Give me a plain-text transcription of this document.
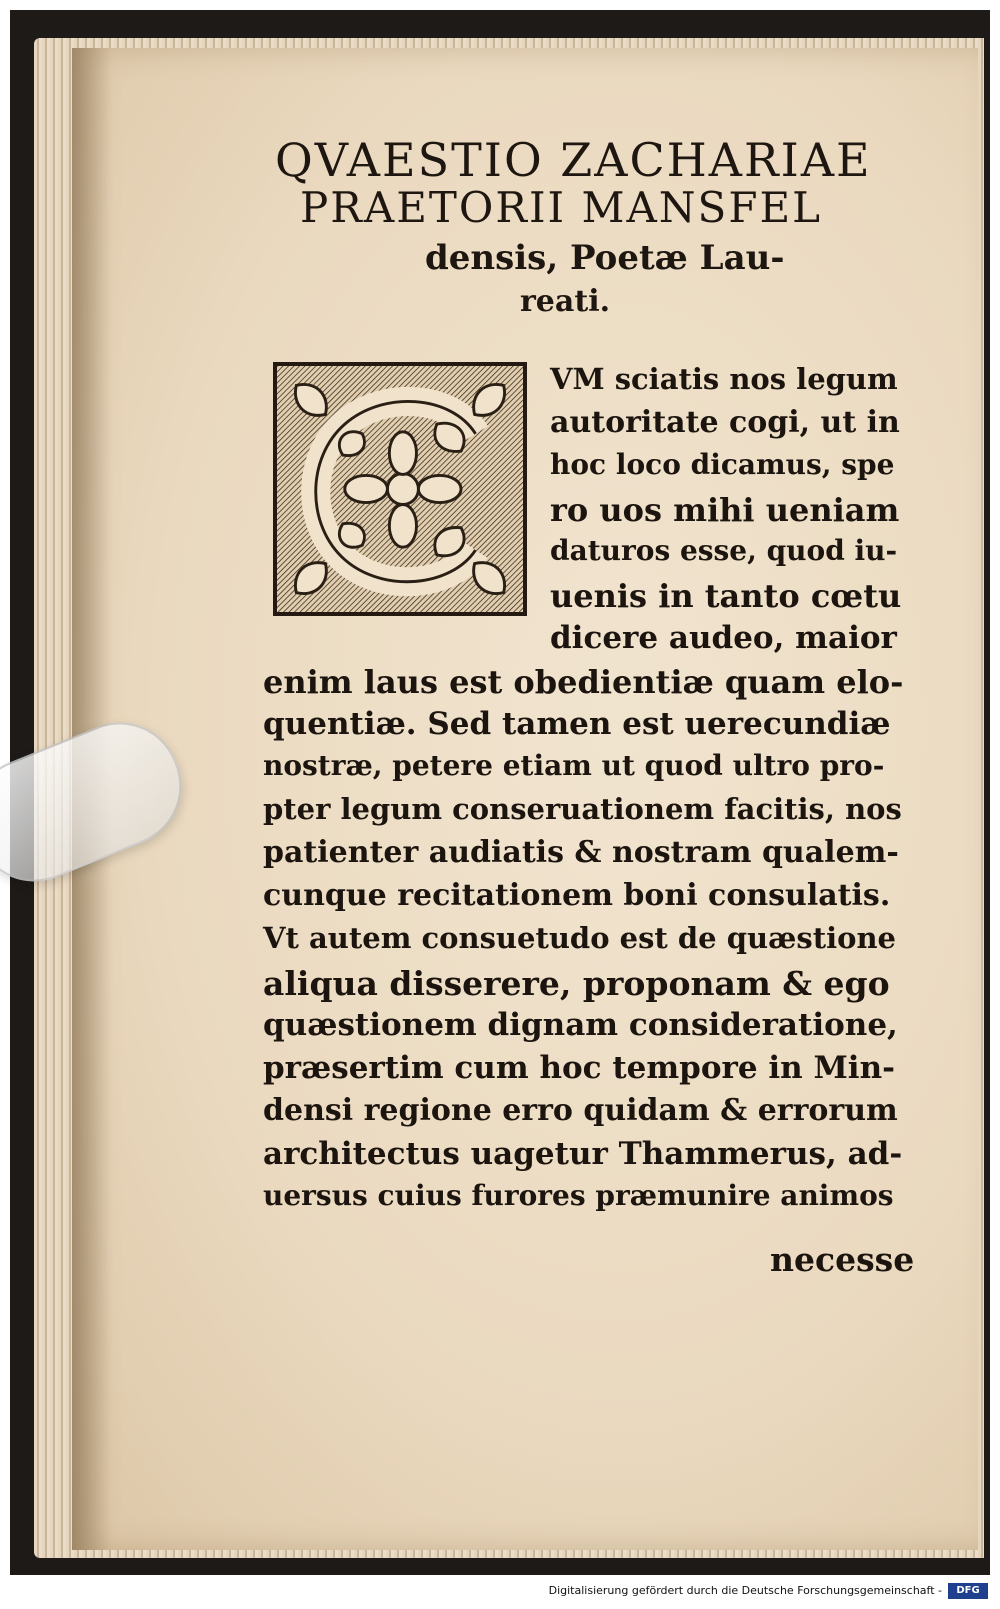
QVAESTIO ZACHARIAE
PRAETORII MANSFEL
densis, Poetæ Lau-
reati.
VM sciatis nos legum
autoritate cogi, ut in
hoc loco dicamus, spe
ro uos mihi ueniam
daturos esse, quod iu-
uenis in tanto cœtu
dicere audeo, maior
enim laus est obedientiæ quam elo-
quentiæ. Sed tamen est uerecundiæ
nostræ, petere etiam ut quod ultro pro-
pter legum conseruationem facitis, nos
patienter audiatis & nostram qualem-
cunque recitationem boni consulatis.
Vt autem consuetudo est de quæstione
aliqua disserere, proponam & ego
quæstionem dignam consideratione,
præsertim cum hoc tempore in Min-
densi regione erro quidam & errorum
architectus uagetur Thammerus, ad-
uersus cuius furores præmunire animos
necesse
Digitalisierung gefördert durch die Deutsche Forschungsgemeinschaft -	DFG
